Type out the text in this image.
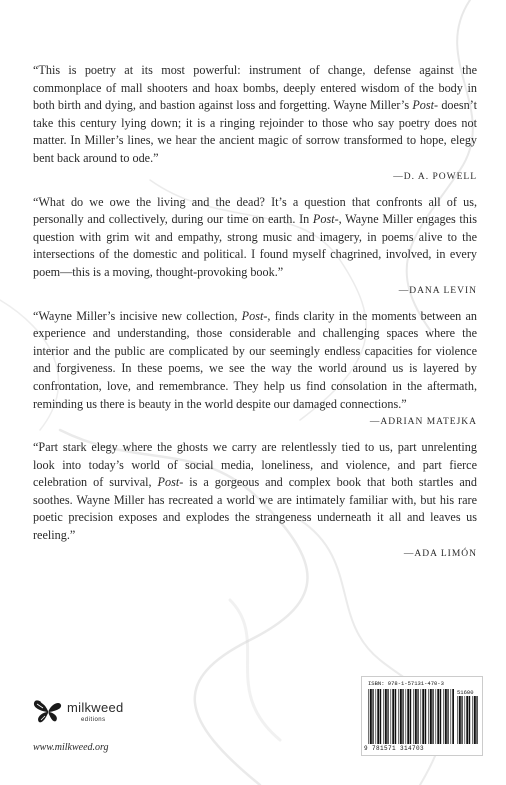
“This is poetry at its most powerful: instrument of change, defense against the commonplace of mall shooters and hoax bombs, deeply entered wisdom of the body in both birth and dying, and bastion against loss and forgetting. Wayne Miller’s Post- doesn’t take this century lying down; it is a ringing rejoinder to those who say poetry does not matter. In Miller’s lines, we hear the ancient magic of sorrow transformed to hope, elegy bent back around to ode.”

—D. A. POWELL

“What do we owe the living and the dead? It’s a question that confronts all of us, personally and collectively, during our time on earth. In Post-, Wayne Miller engages this question with grim wit and empathy, strong music and imagery, in poems alive to the intersections of the domestic and political. I found myself chagrined, involved, in every poem—this is a moving, thought-provoking book.”

—DANA LEVIN

“Wayne Miller’s incisive new collection, Post-, finds clarity in the moments between an experience and understanding, those considerable and challenging spaces where the interior and the public are complicated by our seemingly endless capacities for violence and forgiveness. In these poems, we see the way the world around us is layered by confrontation, love, and remembrance. They help us find consolation in the aftermath, reminding us there is beauty in the world despite our damaged connections.”

—ADRIAN MATEJKA

“Part stark elegy where the ghosts we carry are relentlessly tied to us, part unrelenting look into today’s world of social media, loneliness, and violence, and part fierce celebration of survival, Post- is a gorgeous and complex book that both startles and soothes. Wayne Miller has recreated a world we are intimately familiar with, but his rare poetic precision exposes and explodes the strangeness underneath it all and leaves us reeling.”

—ADA LIMÓN

milkweed
editions
www.milkweed.org
ISBN: 978-1-57131-470-3
51600
9 781571 314703
